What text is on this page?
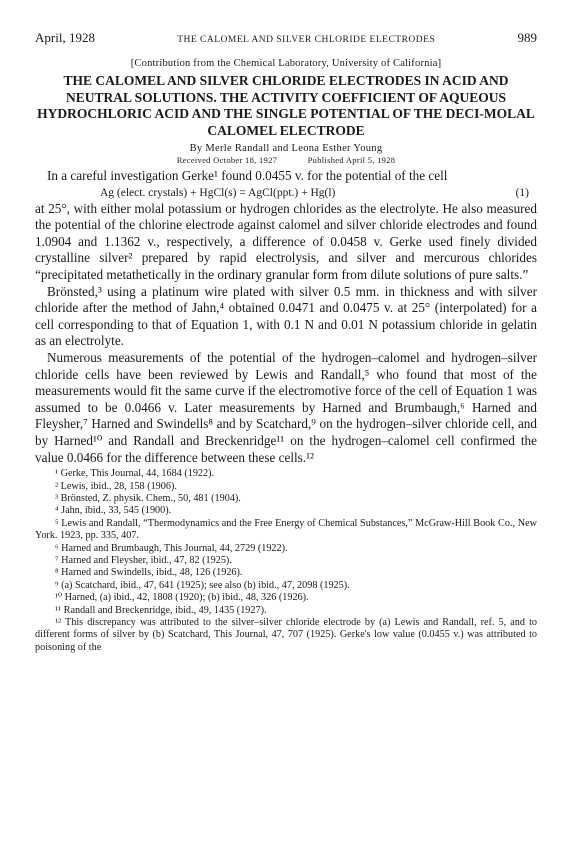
April, 1928	THE CALOMEL AND SILVER CHLORIDE ELECTRODES	989
[Contribution from the Chemical Laboratory, University of California]
THE CALOMEL AND SILVER CHLORIDE ELECTRODES IN ACID AND NEUTRAL SOLUTIONS. THE ACTIVITY COEFFICIENT OF AQUEOUS HYDROCHLORIC ACID AND THE SINGLE POTENTIAL OF THE DECI-MOLAL CALOMEL ELECTRODE
By Merle Randall and Leona Esther Young
Received October 18, 1927	Published April 5, 1928

In a careful investigation Gerke¹ found 0.0455 v. for the potential of the cell

Ag (elect. crystals) + HgCl(s) = AgCl(ppt.) + Hg(l)	(1)

at 25°, with either molal potassium or hydrogen chlorides as the electrolyte. He also measured the potential of the chlorine electrode against calomel and silver chloride electrodes and found 1.0904 and 1.1362 v., respectively, a difference of 0.0458 v. Gerke used finely divided crystalline silver² prepared by rapid electrolysis, and silver and mercurous chlorides “precipitated metathetically in the ordinary granular form from dilute solutions of pure salts.”

Brönsted,³ using a platinum wire plated with silver 0.5 mm. in thickness and with silver chloride after the method of Jahn,⁴ obtained 0.0471 and 0.0475 v. at 25° (interpolated) for a cell corresponding to that of Equation 1, with 0.1 N and 0.01 N potassium chloride in gelatin as an electrolyte.

Numerous measurements of the potential of the hydrogen–calomel and hydrogen–silver chloride cells have been reviewed by Lewis and Randall,⁵ who found that most of the measurements would fit the same curve if the electromotive force of the cell of Equation 1 was assumed to be 0.0466 v. Later measurements by Harned and Brumbaugh,⁶ Harned and Fleysher,⁷ Harned and Swindells⁸ and by Scatchard,⁹ on the hydrogen–silver chloride cell, and by Harned¹⁰ and Randall and Breckenridge¹¹ on the hydrogen–calomel cell confirmed the value 0.0466 for the difference between these cells.¹²

¹ Gerke, This Journal, 44, 1684 (1922).

² Lewis, ibid., 28, 158 (1906).

³ Brönsted, Z. physik. Chem., 50, 481 (1904).

⁴ Jahn, ibid., 33, 545 (1900).

⁵ Lewis and Randall, “Thermodynamics and the Free Energy of Chemical Substances,” McGraw-Hill Book Co., New York. 1923, pp. 335, 407.

⁶ Harned and Brumbaugh, This Journal, 44, 2729 (1922).

⁷ Harned and Fleysher, ibid., 47, 82 (1925).

⁸ Harned and Swindells, ibid., 48, 126 (1926).

⁹ (a) Scatchard, ibid., 47, 641 (1925); see also (b) ibid., 47, 2098 (1925).

¹⁰ Harned, (a) ibid., 42, 1808 (1920); (b) ibid., 48, 326 (1926).

¹¹ Randall and Breckenridge, ibid., 49, 1435 (1927).

¹² This discrepancy was attributed to the silver–silver chloride electrode by (a) Lewis and Randall, ref. 5, and to different forms of silver by (b) Scatchard, This Journal, 47, 707 (1925). Gerke's low value (0.0455 v.) was attributed to poisoning of the
